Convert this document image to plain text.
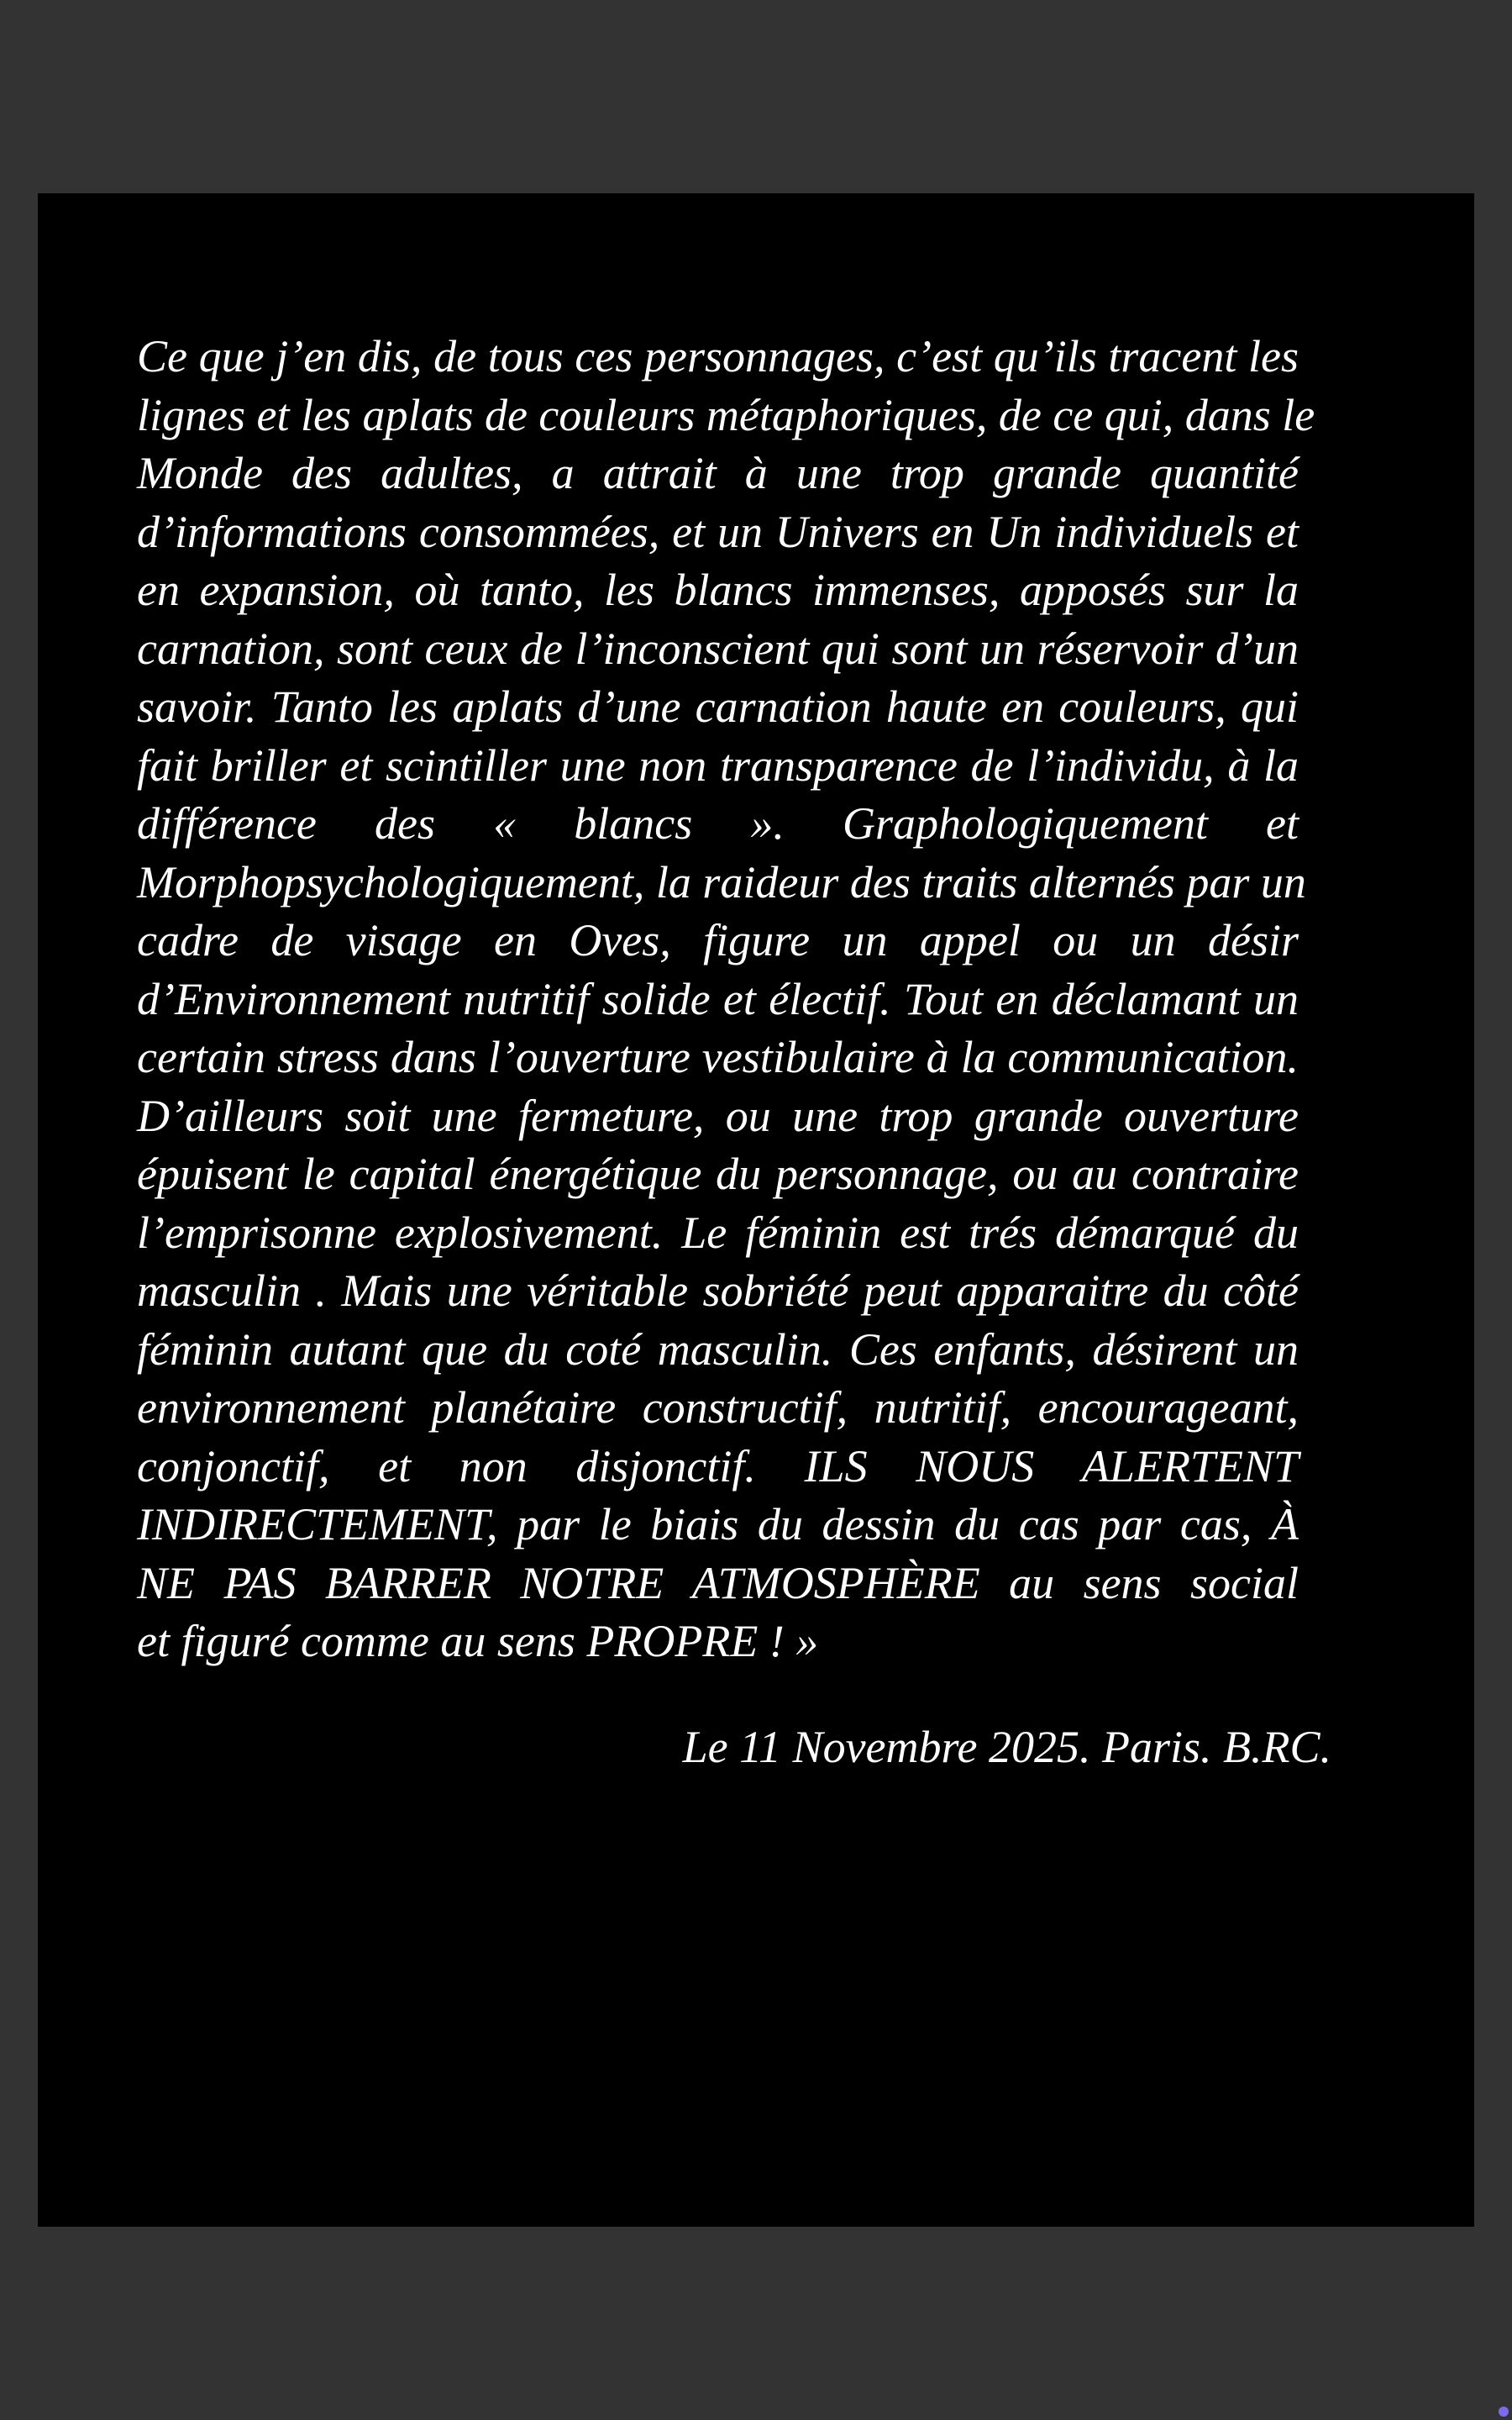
Ce que j’en dis, de tous ces personnages, c’est qu’ils tracent les
lignes et les aplats de couleurs métaphoriques, de ce qui, dans le
Monde des adultes, a attrait à une trop grande quantité
d’informations consommées, et un Univers en Un individuels et
en expansion, où tanto, les blancs immenses, apposés sur la
carnation, sont ceux de l’inconscient qui sont un réservoir d’un
savoir. Tanto les aplats d’une carnation haute en couleurs, qui
fait briller et scintiller une non transparence de l’individu, à la
différence des « blancs ». Graphologiquement et
Morphopsychologiquement, la raideur des traits alternés par un
cadre de visage en Oves, figure un appel ou un désir
d’Environnement nutritif solide et électif. Tout en déclamant un
certain stress dans l’ouverture vestibulaire à la communication.
D’ailleurs soit une fermeture, ou une trop grande ouverture
épuisent le capital énergétique du personnage, ou au contraire
l’emprisonne explosivement. Le féminin est trés démarqué du
masculin . Mais une véritable sobriété peut apparaitre du côté
féminin autant que du coté masculin. Ces enfants, désirent un
environnement planétaire constructif, nutritif, encourageant,
conjonctif, et non disjonctif. ILS NOUS ALERTENT
INDIRECTEMENT, par le biais du dessin du cas par cas, À
NE PAS BARRER NOTRE ATMOSPHÈRE au sens social
et figuré comme au sens PROPRE ! »
Le 11 Novembre 2025. Paris. B.RC.
